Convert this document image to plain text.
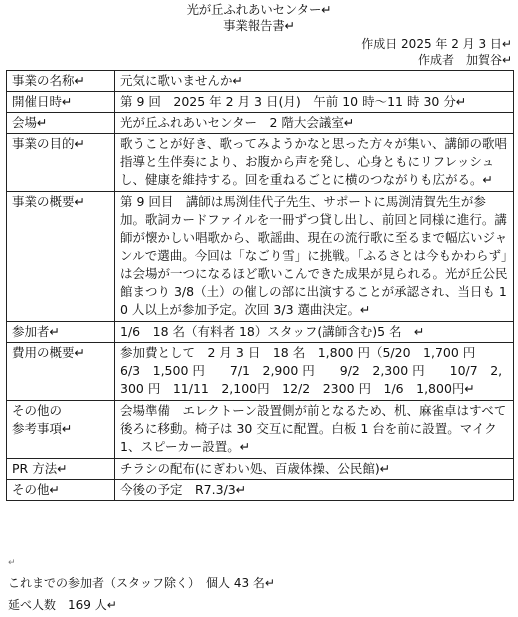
光が丘ふれあいセンター↵
事業報告書↵
作成日 2025 年 2 月 3 日↵
作成者　加賀谷↵
事業の名称↵	元気に歌いませんか↵
開催日時↵	第 9 回　2025 年 2 月 3 日(月)　午前 10 時～11 時 30 分↵
会場↵	光が丘ふれあいセンター　2 階大会議室↵
事業の目的↵	歌うことが好き、歌ってみようかなと思った方々が集い、講師の歌唱指導と生伴奏により、お腹から声を発し、心身ともにリフレッシュし、健康を維持する。回を重ねるごとに横のつながりも広がる。↵
事業の概要↵	第 9 回目　講師は馬渕佳代子先生、サポートに馬渕清賀先生が参加。歌詞カードファイルを一冊ずつ貸し出し、前回と同様に進行。講師が懐かしい唱歌から、歌謡曲、現在の流行歌に至るまで幅広いジャンルで選曲。今回は「なごり雪」に挑戦。「ふるさとは今もかわらず」は会場が一つになるほど歌いこんできた成果が見られる。光が丘公民館まつり 3/8（土）の催しの部に出演することが承認され、当日も 10 人以上が参加予定。次回 3/3 選曲決定。↵
参加者↵	1/6　18 名（有料者 18）スタッフ(講師含む)5 名　↵
費用の概要↵	参加費として　2 月 3 日　18 名　1,800 円（5/20　1,700 円　　6/3　1,500 円　　7/1　2,900 円　　9/2　2,300 円　　10/7　2,300 円　11/11　2,100円　12/2　2300 円　1/6　1,800円↵
その他の
参考事項↵	会場準備　エレクトーン設置側が前となるため、机、麻雀卓はすべて後ろに移動。椅子は 30 交互に配置。白板 1 台を前に設置。マイク 1、スピーカー設置。↵
PR 方法↵	チラシの配布(にぎわい処、百歳体操、公民館)↵
その他↵	今後の予定　R7.3/3↵
↵
これまでの参加者（スタッフ除く）　個人 43 名↵
延べ人数　169 人↵
